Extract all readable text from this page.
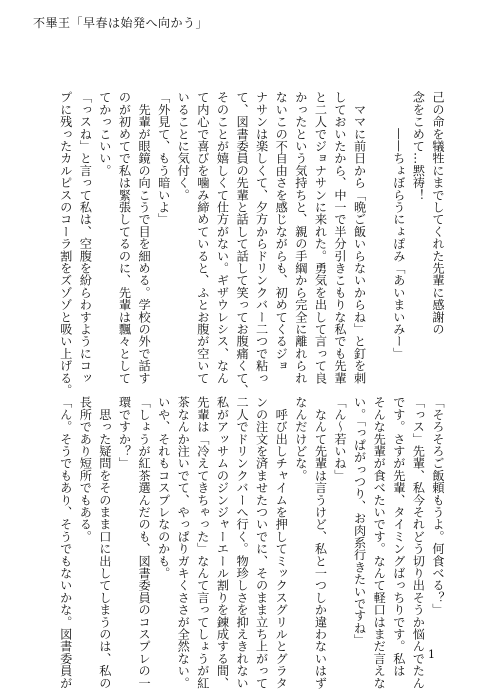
不畢王「早春は始発へ向かう」
己の命を犠牲にまでしてくれた先輩に感謝の
念をこめて…黙祷！
　　　——ちょぼらうにょぽみ「あいまいみー」

　ママに前日から「晩ご飯いらないからね」と釘を刺
しておいたから、中一で半分引きこもりな私でも先輩
と二人でジョナサンに来れた。勇気を出して言って良
かったという気持ちと、親の手綱から完全に離れられ
ないこの不自由さを感じながらも、初めてくるジョ
ナサンは楽しくて、夕方からドリンクバー二つで粘っ
て、図書委員の先輩と話して話して笑ってお腹痛くて、
そのことが嬉しくて仕方がない。ギザウレシス、なん
て内心で喜びを噛み締めていると、ふとお腹が空いて
いることに気付く。
「外見て、もう暗いよ」
　先輩が眼鏡の向こうで目を細める。学校の外で話す
のが初めてで私は緊張してるのに、先輩は飄々として
てかっこいい。
「っスね」と言って私は、空腹を紛らわすようにコッ
プに残ったカルピスのコーラ割をズゾゾと吸い上げる。
「そろそろご飯頼もうよ。何食べる？」
「っス」先輩、私今それどう切り出そうか悩んでたん
です。さすが先輩、タイミングばっちりです。私は
そんな先輩が食べたいです。なんて軽口はまだ言えな
い。「っぱがっつり、お肉系行きたいですね」
「ん〜若いね」
　なんて先輩は言うけど、私と一つしか違わないはず
なんだけどな。
　呼び出しチャイムを押してミックスグリルとグラタ
ンの注文を済ませたついでに、そのまま立ち上がって
二人でドリンクバーへ行く。物珍しさを抑えきれない
私がアッサムのジンジャーエール割りを錬成する間、
先輩は「冷えてきちゃった」なんて言ってしょうが紅
茶なんか注いでて、やっぱりガキくささが全然ない。
いや、それもコスプレなのかも。
「しょうが紅茶選んだのも、図書委員のコスプレの一
環ですか？」
　思った疑問をそのまま口に出してしまうのは、私の
長所であり短所でもある。
「ん。そうでもあり、そうでもないかな。図書委員が	1
